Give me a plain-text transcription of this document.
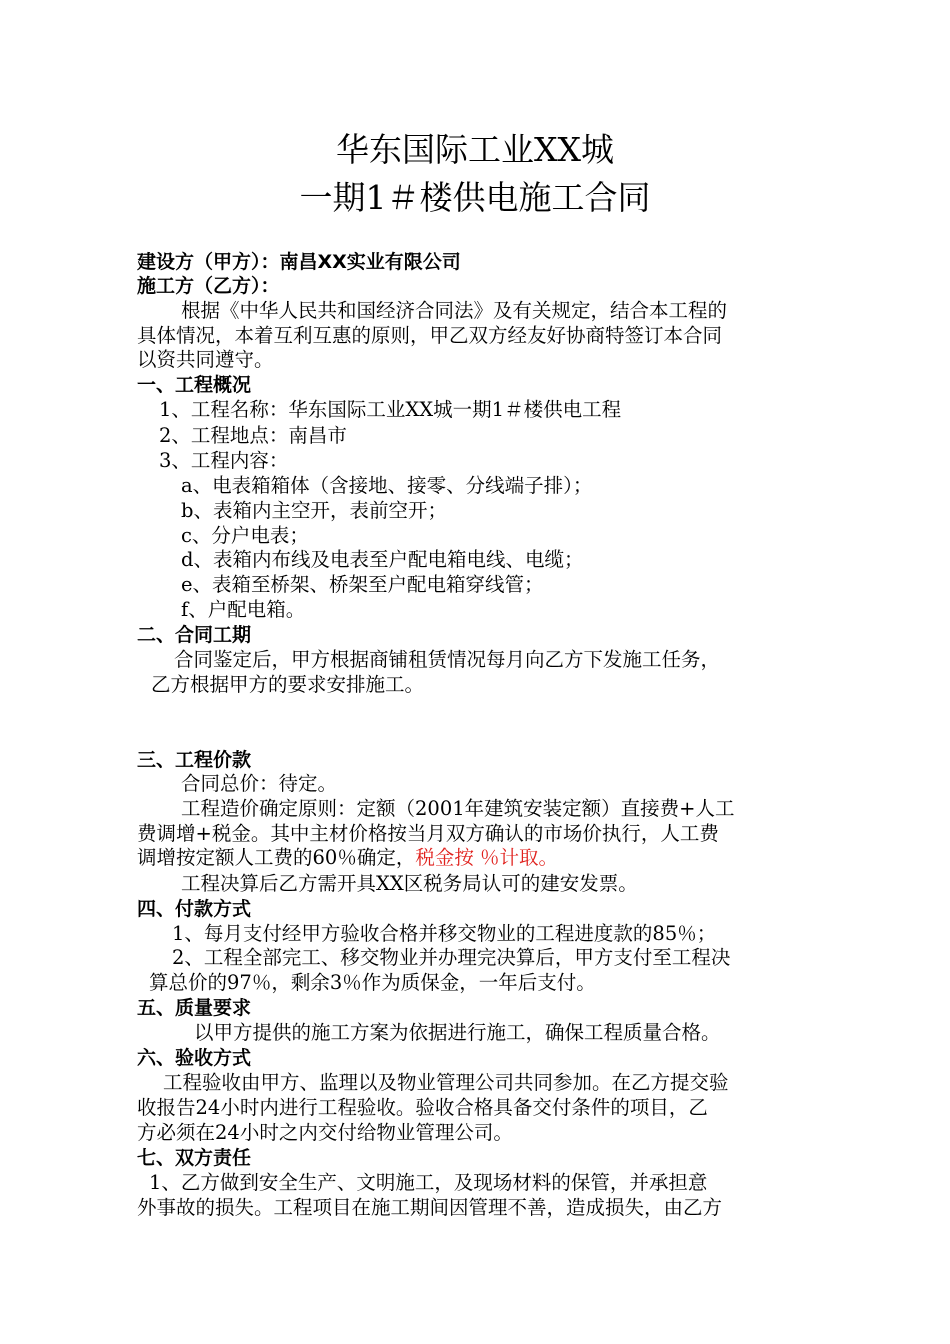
华东国际工业XX城
一期1＃楼供电施工合同
建设方（甲方）：南昌XX实业有限公司
施工方（乙方）：
根据《中华人民共和国经济合同法》及有关规定，结合本工程的
具体情况，本着互利互惠的原则，甲乙双方经友好协商特签订本合同
以资共同遵守。
一、工程概况
1、工程名称：华东国际工业XX城一期1＃楼供电工程
2、工程地点：南昌市
3、工程内容：
a、电表箱箱体（含接地、接零、分线端子排）；
b、表箱内主空开，表前空开；
c、分户电表；
d、表箱内布线及电表至户配电箱电线、电缆；
e、表箱至桥架、桥架至户配电箱穿线管；
f、户配电箱。
二、合同工期
合同鉴定后，甲方根据商铺租赁情况每月向乙方下发施工任务，
乙方根据甲方的要求安排施工。
三、工程价款
合同总价：待定。
工程造价确定原则：定额（2001年建筑安装定额）直接费+人工
费调增+税金。其中主材价格按当月双方确认的市场价执行，人工费
调增按定额人工费的60％确定，税金按 ％计取。
工程决算后乙方需开具XX区税务局认可的建安发票。
四、付款方式
1、每月支付经甲方验收合格并移交物业的工程进度款的85％；
2、工程全部完工、移交物业并办理完决算后，甲方支付至工程决
算总价的97％，剩余3％作为质保金，一年后支付。
五、质量要求
以甲方提供的施工方案为依据进行施工，确保工程质量合格。
六、验收方式
工程验收由甲方、监理以及物业管理公司共同参加。在乙方提交验
收报告24小时内进行工程验收。验收合格具备交付条件的项目，乙
方必须在24小时之内交付给物业管理公司。
七、双方责任
1、乙方做到安全生产、文明施工，及现场材料的保管，并承担意
外事故的损失。工程项目在施工期间因管理不善，造成损失，由乙方
